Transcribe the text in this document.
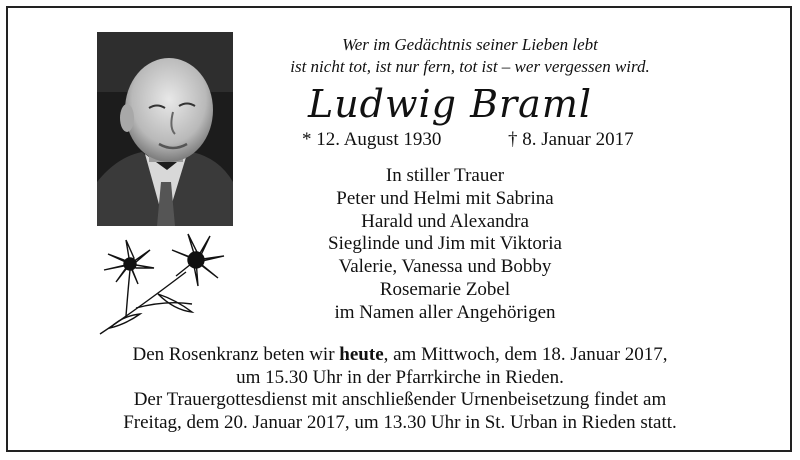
Wer im Gedächtnis seiner Lieben lebt
ist nicht tot, ist nur fern, tot ist – wer vergessen wird.
Ludwig Braml
* 12. August 1930	† 8. Januar 2017
In stiller Trauer
Peter und Helmi mit Sabrina
Harald und Alexandra
Sieglinde und Jim mit Viktoria
Valerie, Vanessa und Bobby
Rosemarie Zobel
im Namen aller Angehörigen
Den Rosenkranz beten wir heute, am Mittwoch, dem 18. Januar 2017,
um 15.30 Uhr in der Pfarrkirche in Rieden.
Der Trauergottesdienst mit anschließender Urnenbeisetzung findet am
Freitag, dem 20. Januar 2017, um 13.30 Uhr in St. Urban in Rieden statt.
